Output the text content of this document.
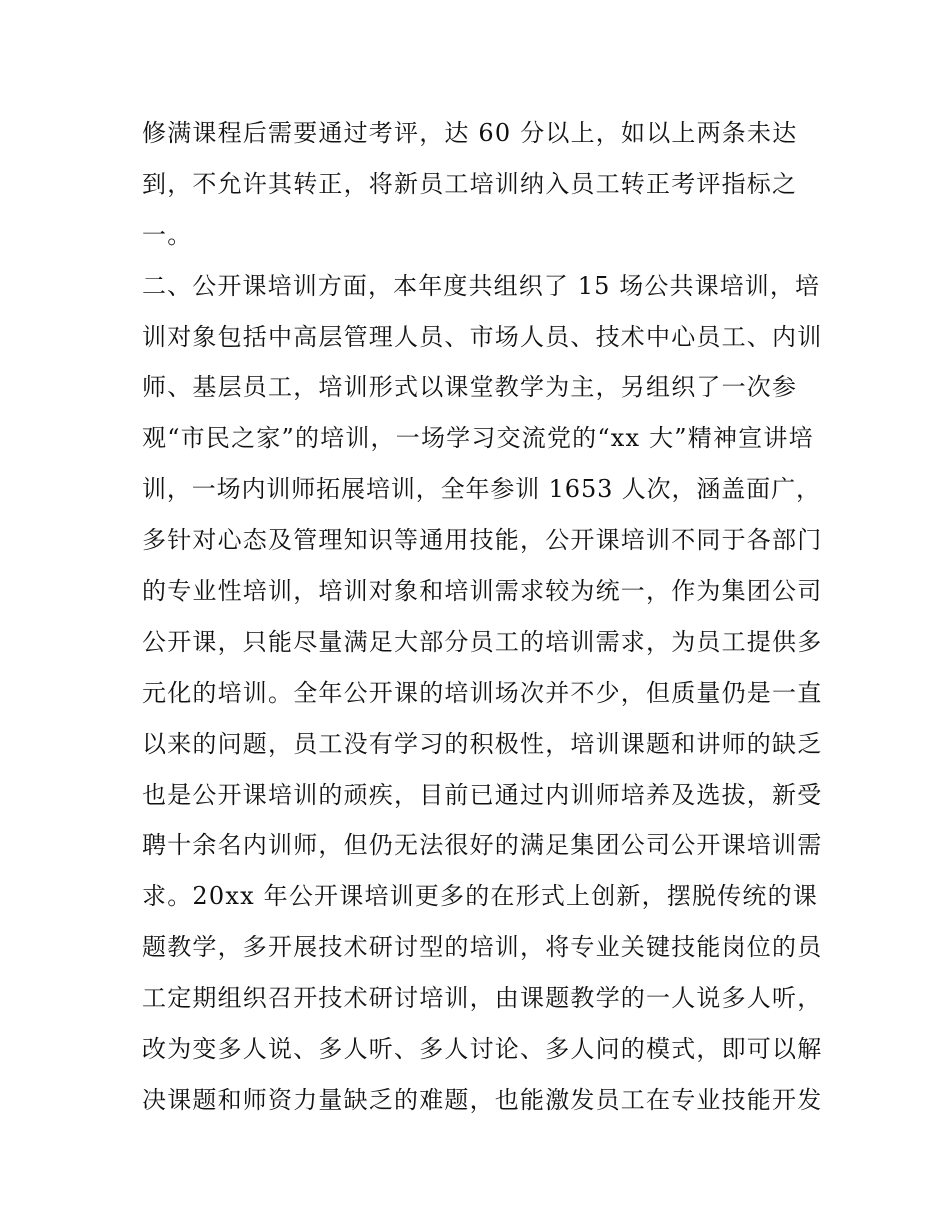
修满课程后需要通过考评，达 60 分以上，如以上两条未达
到，不允许其转正，将新员工培训纳入员工转正考评指标之
一。
二、公开课培训方面，本年度共组织了 15 场公共课培训，培
训对象包括中高层管理人员、市场人员、技术中心员工、内训
师、基层员工，培训形式以课堂教学为主，另组织了一次参
观“市民之家”的培训，一场学习交流党的“xx 大”精神宣讲培
训，一场内训师拓展培训，全年参训 1653 人次，涵盖面广，
多针对心态及管理知识等通用技能，公开课培训不同于各部门
的专业性培训，培训对象和培训需求较为统一，作为集团公司
公开课，只能尽量满足大部分员工的培训需求，为员工提供多
元化的培训。全年公开课的培训场次并不少，但质量仍是一直
以来的问题，员工没有学习的积极性，培训课题和讲师的缺乏
也是公开课培训的顽疾，目前已通过内训师培养及选拔，新受
聘十余名内训师，但仍无法很好的满足集团公司公开课培训需
求。20xx 年公开课培训更多的在形式上创新，摆脱传统的课
题教学，多开展技术研讨型的培训，将专业关键技能岗位的员
工定期组织召开技术研讨培训，由课题教学的一人说多人听，
改为变多人说、多人听、多人讨论、多人问的模式，即可以解
决课题和师资力量缺乏的难题，也能激发员工在专业技能开发
